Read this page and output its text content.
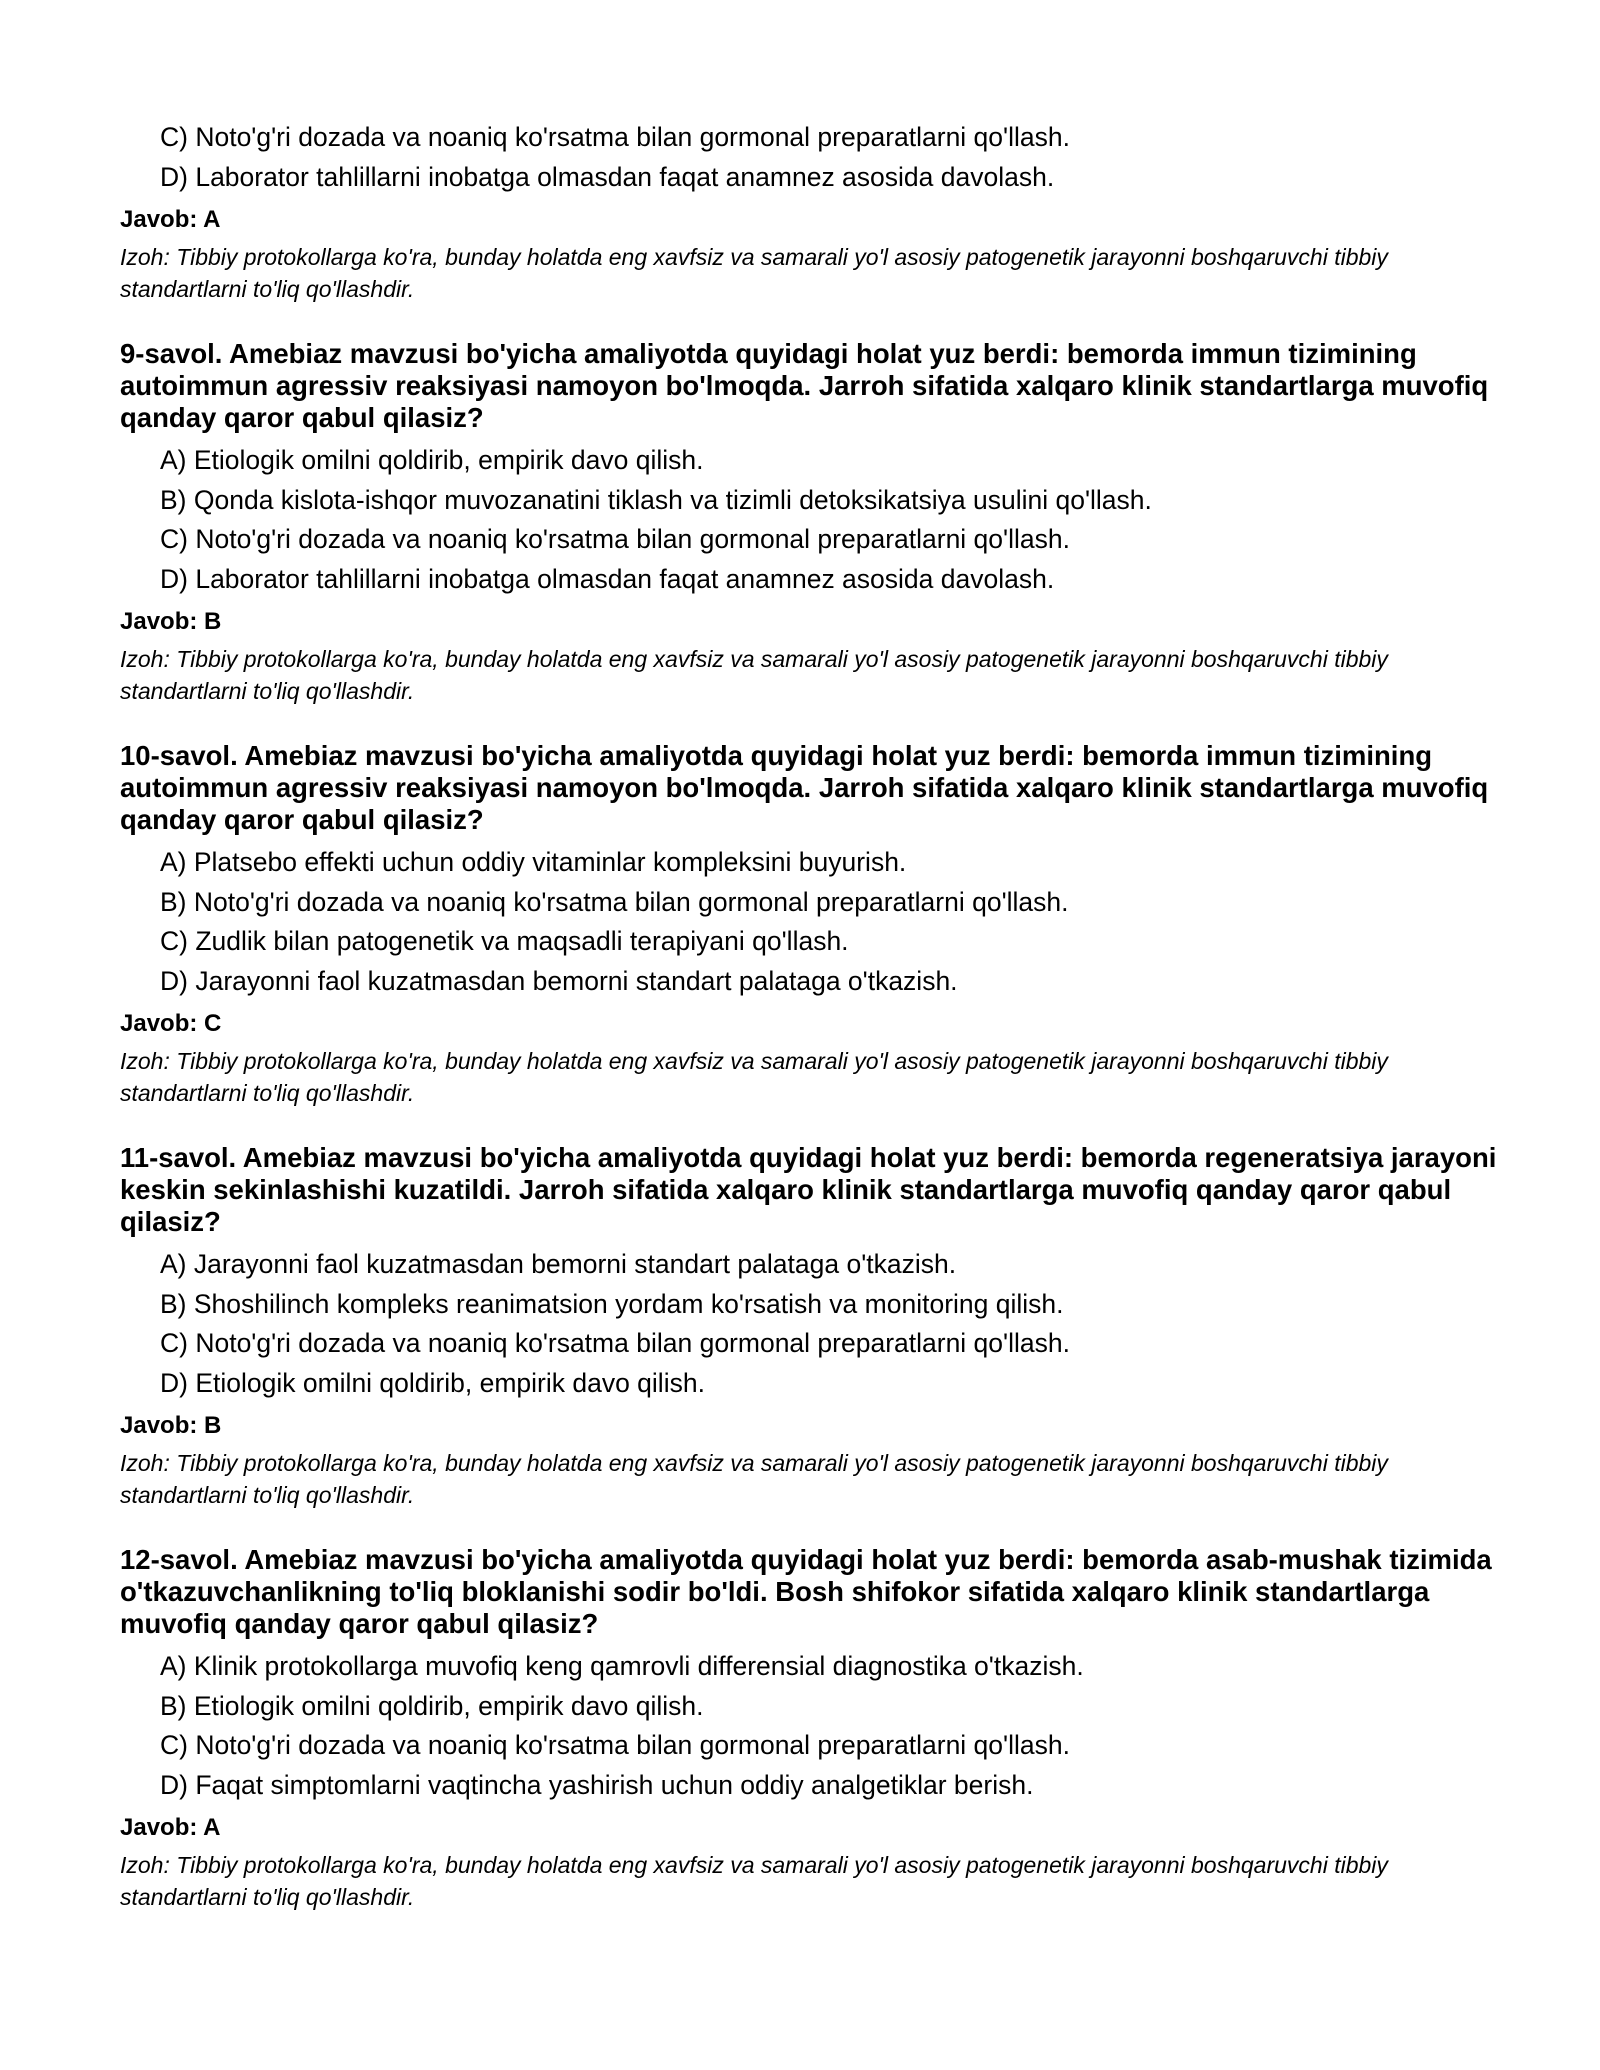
C) Noto'g'ri dozada va noaniq ko'rsatma bilan gormonal preparatlarni qo'llash.
D) Laborator tahlillarni inobatga olmasdan faqat anamnez asosida davolash.
Javob: A
Izoh: Tibbiy protokollarga ko'ra, bunday holatda eng xavfsiz va samarali yo'l asosiy patogenetik jarayonni boshqaruvchi tibbiy standartlarni to'liq qo'llashdir.

9-savol. Amebiaz mavzusi bo'yicha amaliyotda quyidagi holat yuz berdi: bemorda immun tizimining autoimmun agressiv reaksiyasi namoyon bo'lmoqda. Jarroh sifatida xalqaro klinik standartlarga muvofiq qanday qaror qabul qilasiz?

A) Etiologik omilni qoldirib, empirik davo qilish.
B) Qonda kislota-ishqor muvozanatini tiklash va tizimli detoksikatsiya usulini qo'llash.
C) Noto'g'ri dozada va noaniq ko'rsatma bilan gormonal preparatlarni qo'llash.
D) Laborator tahlillarni inobatga olmasdan faqat anamnez asosida davolash.
Javob: B
Izoh: Tibbiy protokollarga ko'ra, bunday holatda eng xavfsiz va samarali yo'l asosiy patogenetik jarayonni boshqaruvchi tibbiy standartlarni to'liq qo'llashdir.

10-savol. Amebiaz mavzusi bo'yicha amaliyotda quyidagi holat yuz berdi: bemorda immun tizimining autoimmun agressiv reaksiyasi namoyon bo'lmoqda. Jarroh sifatida xalqaro klinik standartlarga muvofiq qanday qaror qabul qilasiz?

A) Platsebo effekti uchun oddiy vitaminlar kompleksini buyurish.
B) Noto'g'ri dozada va noaniq ko'rsatma bilan gormonal preparatlarni qo'llash.
C) Zudlik bilan patogenetik va maqsadli terapiyani qo'llash.
D) Jarayonni faol kuzatmasdan bemorni standart palataga o'tkazish.
Javob: C
Izoh: Tibbiy protokollarga ko'ra, bunday holatda eng xavfsiz va samarali yo'l asosiy patogenetik jarayonni boshqaruvchi tibbiy standartlarni to'liq qo'llashdir.

11-savol. Amebiaz mavzusi bo'yicha amaliyotda quyidagi holat yuz berdi: bemorda regeneratsiya jarayoni keskin sekinlashishi kuzatildi. Jarroh sifatida xalqaro klinik standartlarga muvofiq qanday qaror qabul qilasiz?

A) Jarayonni faol kuzatmasdan bemorni standart palataga o'tkazish.
B) Shoshilinch kompleks reanimatsion yordam ko'rsatish va monitoring qilish.
C) Noto'g'ri dozada va noaniq ko'rsatma bilan gormonal preparatlarni qo'llash.
D) Etiologik omilni qoldirib, empirik davo qilish.
Javob: B
Izoh: Tibbiy protokollarga ko'ra, bunday holatda eng xavfsiz va samarali yo'l asosiy patogenetik jarayonni boshqaruvchi tibbiy standartlarni to'liq qo'llashdir.

12-savol. Amebiaz mavzusi bo'yicha amaliyotda quyidagi holat yuz berdi: bemorda asab-mushak tizimida o'tkazuvchanlikning to'liq bloklanishi sodir bo'ldi. Bosh shifokor sifatida xalqaro klinik standartlarga muvofiq qanday qaror qabul qilasiz?

A) Klinik protokollarga muvofiq keng qamrovli differensial diagnostika o'tkazish.
B) Etiologik omilni qoldirib, empirik davo qilish.
C) Noto'g'ri dozada va noaniq ko'rsatma bilan gormonal preparatlarni qo'llash.
D) Faqat simptomlarni vaqtincha yashirish uchun oddiy analgetiklar berish.
Javob: A
Izoh: Tibbiy protokollarga ko'ra, bunday holatda eng xavfsiz va samarali yo'l asosiy patogenetik jarayonni boshqaruvchi tibbiy standartlarni to'liq qo'llashdir.
